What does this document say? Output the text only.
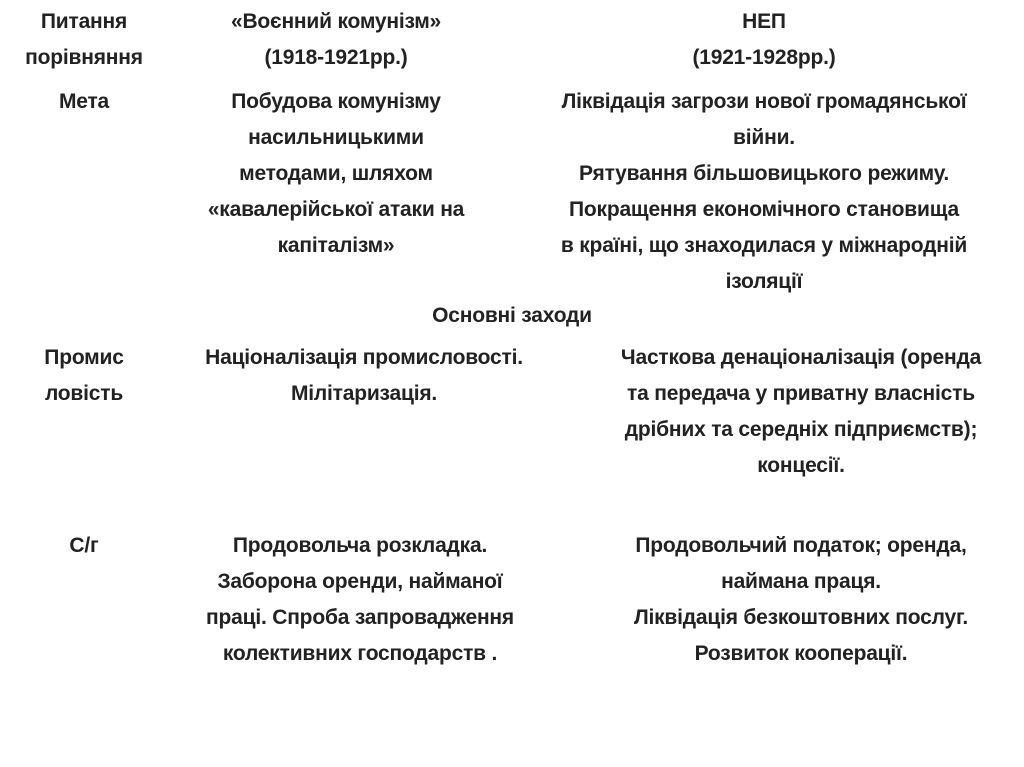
Питання
порівняння
«Воєнний комунізм»
(1918-1921рр.)
НЕП
(1921-1928рр.)
Мета	Побудова комунізму
насильницькими
методами, шляхом
«кавалерійської атаки на
капіталізм»
Ліквідація загрози нової громадянської
війни.
Рятування більшовицького режиму.
Покращення економічного становища
в країні, що знаходилася у міжнародній
ізоляції
Основні заходи
Промис
ловість
Націоналізація промисловості.
Мілітаризація.
Часткова денаціоналізація (оренда
та передача у приватну власність
дрібних та середніх підприємств);
концесії.
С/г	Продовольча розкладка.
Заборона оренди, найманої
праці. Спроба запровадження
колективних господарств .
Продовольчий податок; оренда,
наймана праця.
Ліквідація безкоштовних послуг.
Розвиток кооперації.
